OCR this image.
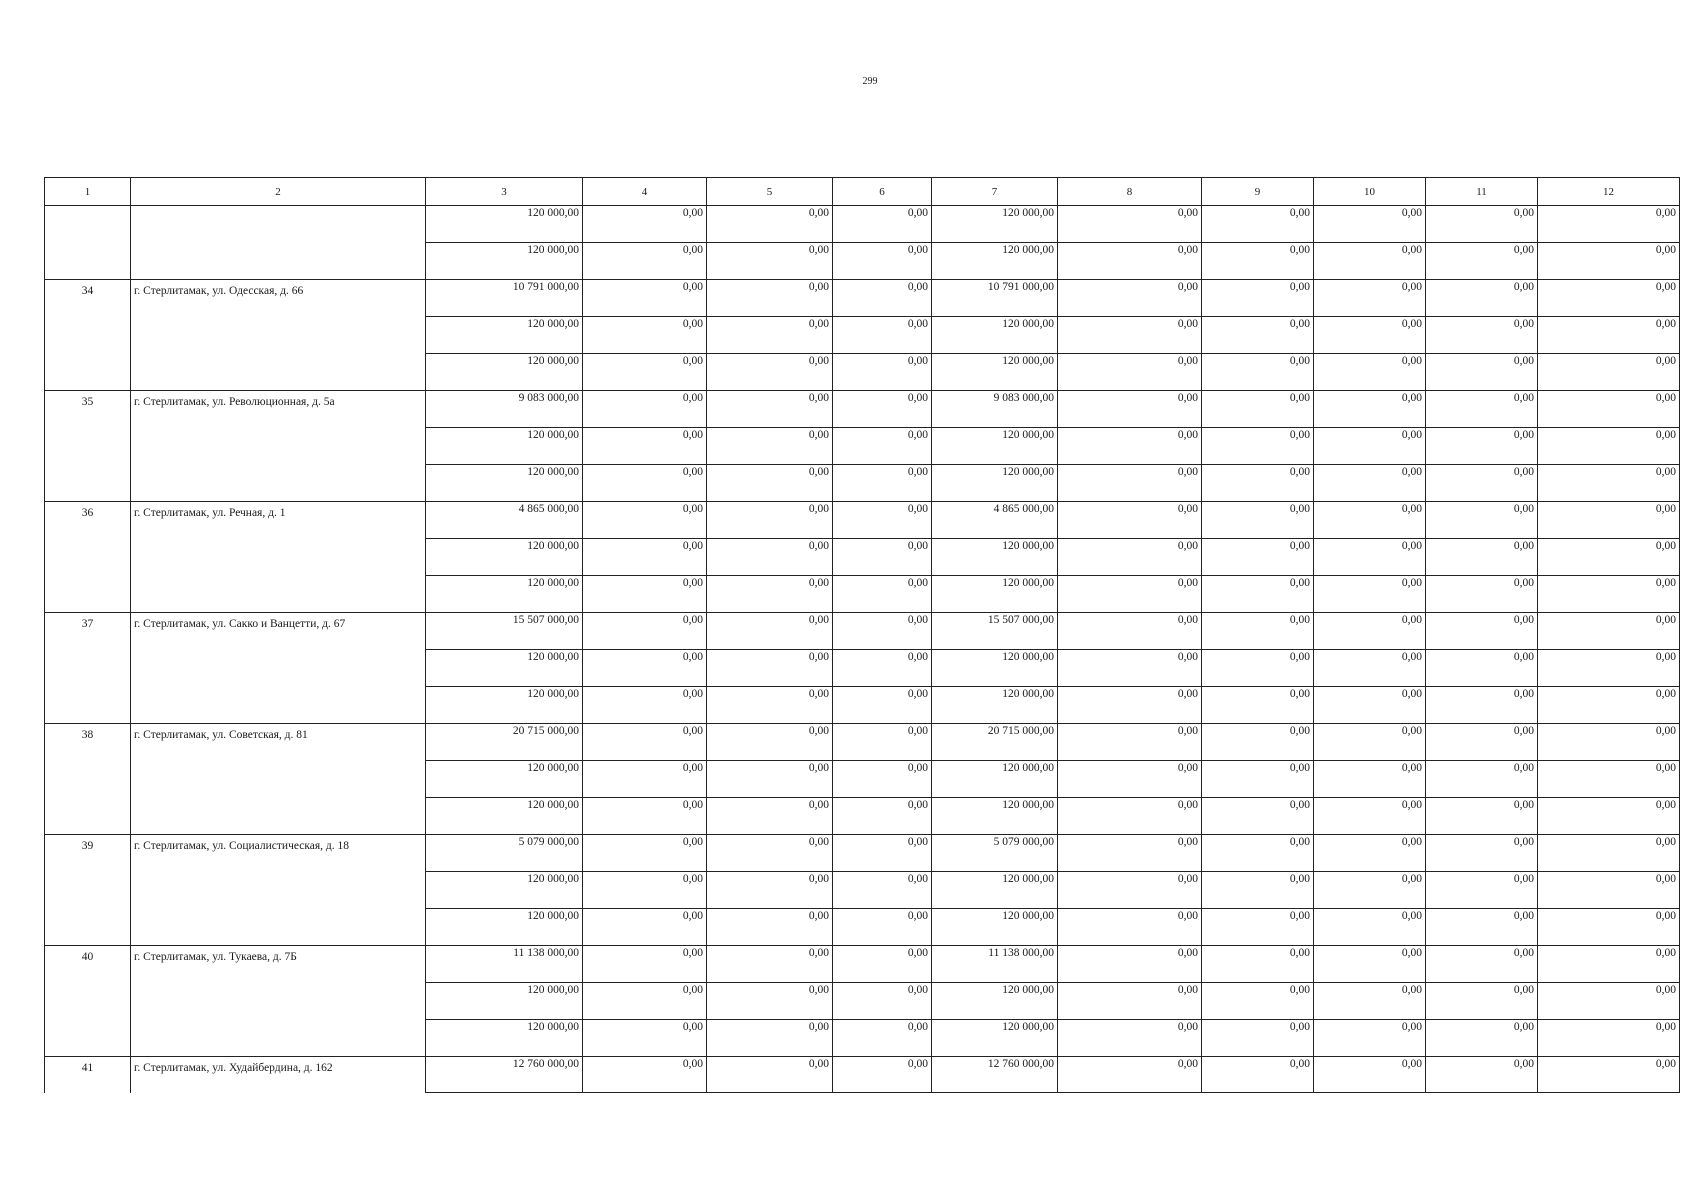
299
1	2	3	4	5	6	7	8	9	10	11	12
		120 000,00	0,00	0,00	0,00	120 000,00	0,00	0,00	0,00	0,00	0,00
		120 000,00	0,00	0,00	0,00	120 000,00	0,00	0,00	0,00	0,00	0,00
34	г. Стерлитамак, ул. Одесская, д. 66	10 791 000,00	0,00	0,00	0,00	10 791 000,00	0,00	0,00	0,00	0,00	0,00
		120 000,00	0,00	0,00	0,00	120 000,00	0,00	0,00	0,00	0,00	0,00
		120 000,00	0,00	0,00	0,00	120 000,00	0,00	0,00	0,00	0,00	0,00
35	г. Стерлитамак, ул. Революционная, д. 5а	9 083 000,00	0,00	0,00	0,00	9 083 000,00	0,00	0,00	0,00	0,00	0,00
		120 000,00	0,00	0,00	0,00	120 000,00	0,00	0,00	0,00	0,00	0,00
		120 000,00	0,00	0,00	0,00	120 000,00	0,00	0,00	0,00	0,00	0,00
36	г. Стерлитамак, ул. Речная, д. 1	4 865 000,00	0,00	0,00	0,00	4 865 000,00	0,00	0,00	0,00	0,00	0,00
		120 000,00	0,00	0,00	0,00	120 000,00	0,00	0,00	0,00	0,00	0,00
		120 000,00	0,00	0,00	0,00	120 000,00	0,00	0,00	0,00	0,00	0,00
37	г. Стерлитамак, ул. Сакко и Ванцетти, д. 67	15 507 000,00	0,00	0,00	0,00	15 507 000,00	0,00	0,00	0,00	0,00	0,00
		120 000,00	0,00	0,00	0,00	120 000,00	0,00	0,00	0,00	0,00	0,00
		120 000,00	0,00	0,00	0,00	120 000,00	0,00	0,00	0,00	0,00	0,00
38	г. Стерлитамак, ул. Советская, д. 81	20 715 000,00	0,00	0,00	0,00	20 715 000,00	0,00	0,00	0,00	0,00	0,00
		120 000,00	0,00	0,00	0,00	120 000,00	0,00	0,00	0,00	0,00	0,00
		120 000,00	0,00	0,00	0,00	120 000,00	0,00	0,00	0,00	0,00	0,00
39	г. Стерлитамак, ул. Социалистическая, д. 18	5 079 000,00	0,00	0,00	0,00	5 079 000,00	0,00	0,00	0,00	0,00	0,00
		120 000,00	0,00	0,00	0,00	120 000,00	0,00	0,00	0,00	0,00	0,00
		120 000,00	0,00	0,00	0,00	120 000,00	0,00	0,00	0,00	0,00	0,00
40	г. Стерлитамак, ул. Тукаева, д. 7Б	11 138 000,00	0,00	0,00	0,00	11 138 000,00	0,00	0,00	0,00	0,00	0,00
		120 000,00	0,00	0,00	0,00	120 000,00	0,00	0,00	0,00	0,00	0,00
		120 000,00	0,00	0,00	0,00	120 000,00	0,00	0,00	0,00	0,00	0,00
41	г. Стерлитамак, ул. Худайбердина, д. 162	12 760 000,00	0,00	0,00	0,00	12 760 000,00	0,00	0,00	0,00	0,00	0,00
